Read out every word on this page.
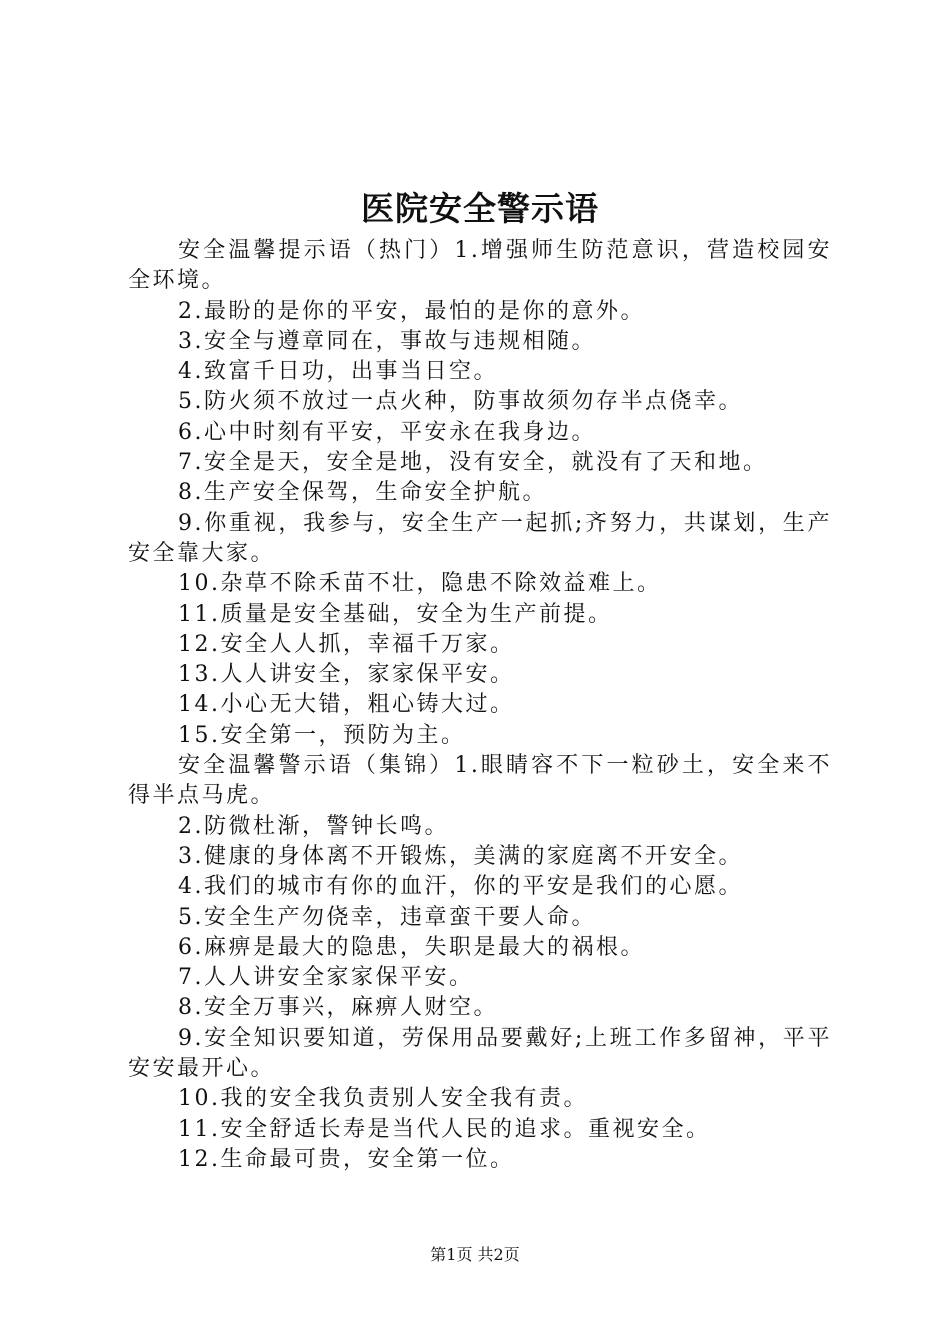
医院安全警示语

安全温馨提示语（热门）1.增强师生防范意识，营造校园安全环境。

2.最盼的是你的平安，最怕的是你的意外。

3.安全与遵章同在，事故与违规相随。

4.致富千日功，出事当日空。

5.防火须不放过一点火种，防事故须勿存半点侥幸。

6.心中时刻有平安，平安永在我身边。

7.安全是天，安全是地，没有安全，就没有了天和地。

8.生产安全保驾，生命安全护航。

9.你重视，我参与，安全生产一起抓;齐努力，共谋划，生产安全靠大家。

10.杂草不除禾苗不壮，隐患不除效益难上。

11.质量是安全基础，安全为生产前提。

12.安全人人抓，幸福千万家。

13.人人讲安全，家家保平安。

14.小心无大错，粗心铸大过。

15.安全第一，预防为主。

安全温馨警示语（集锦）1.眼睛容不下一粒砂土，安全来不得半点马虎。

2.防微杜渐，警钟长鸣。

3.健康的身体离不开锻炼，美满的家庭离不开安全。

4.我们的城市有你的血汗，你的平安是我们的心愿。

5.安全生产勿侥幸，违章蛮干要人命。

6.麻痹是最大的隐患，失职是最大的祸根。

7.人人讲安全家家保平安。

8.安全万事兴，麻痹人财空。

9.安全知识要知道，劳保用品要戴好;上班工作多留神，平平安安最开心。

10.我的安全我负责别人安全我有责。

11.安全舒适长寿是当代人民的追求。重视安全。

12.生命最可贵，安全第一位。

第1页 共2页
